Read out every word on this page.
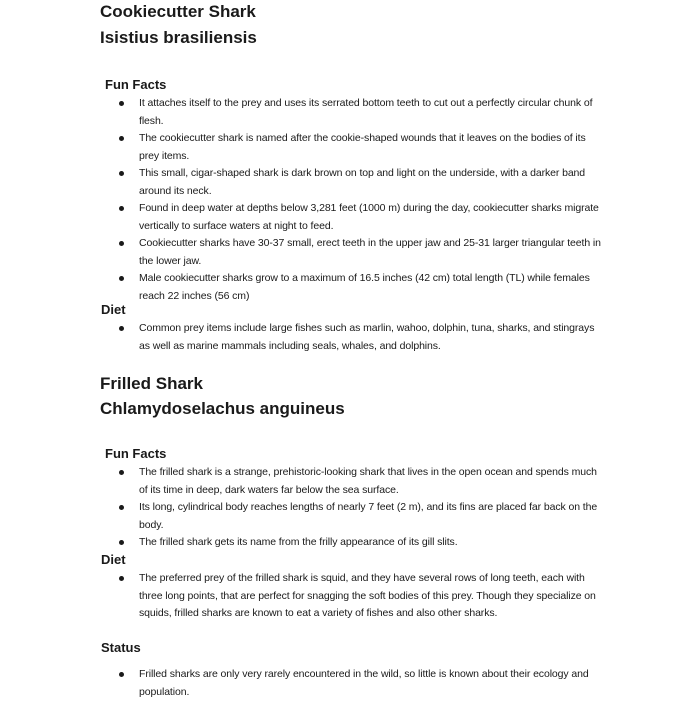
Cookiecutter Shark
Isistius brasiliensis
Fun Facts
It attaches itself to the prey and uses its serrated bottom teeth to cut out a perfectly circular chunk of flesh.
The cookiecutter shark is named after the cookie-shaped wounds that it leaves on the bodies of its prey items.
This small, cigar-shaped shark is dark brown on top and light on the underside, with a darker band around its neck.
Found in deep water at depths below 3,281 feet (1000 m) during the day, cookiecutter sharks migrate vertically to surface waters at night to feed.
Cookiecutter sharks have 30-37 small, erect teeth in the upper jaw and 25-31 larger triangular teeth in the lower jaw.
Male cookiecutter sharks grow to a maximum of 16.5 inches (42 cm) total length (TL) while females reach 22 inches (56 cm)
Diet
Common prey items include large fishes such as marlin, wahoo, dolphin, tuna, sharks, and stingrays as well as marine mammals including seals, whales, and dolphins.
Frilled Shark
Chlamydoselachus anguineus
Fun Facts
The frilled shark is a strange, prehistoric-looking shark that lives in the open ocean and spends much of its time in deep, dark waters far below the sea surface.
Its long, cylindrical body reaches lengths of nearly 7 feet (2 m), and its fins are placed far back on the body.
The frilled shark gets its name from the frilly appearance of its gill slits.
Diet
The preferred prey of the frilled shark is squid, and they have several rows of long teeth, each with three long points, that are perfect for snagging the soft bodies of this prey. Though they specialize on squids, frilled sharks are known to eat a variety of fishes and also other sharks.
Status
Frilled sharks are only very rarely encountered in the wild, so little is known about their ecology and population.
